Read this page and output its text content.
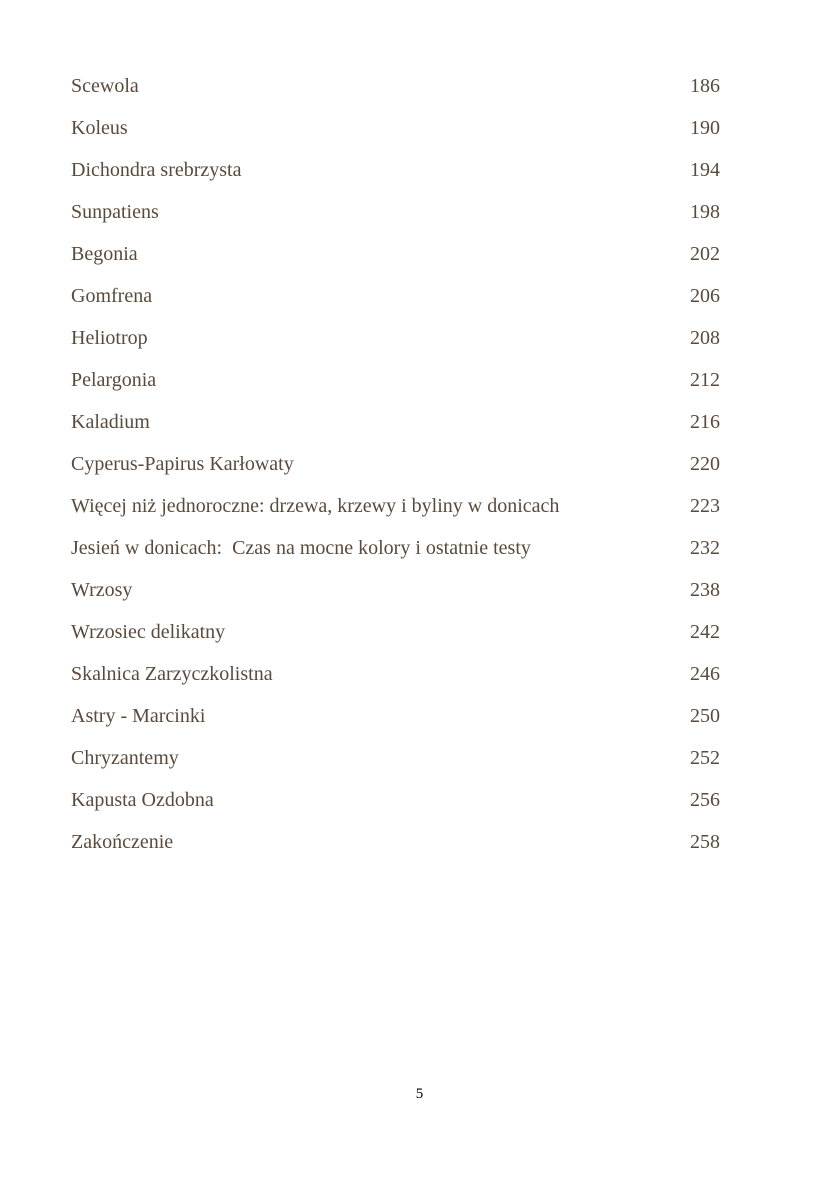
Scewola	186
Koleus	190
Dichondra srebrzysta	194
Sunpatiens	198
Begonia	202
Gomfrena	206
Heliotrop	208
Pelargonia	212
Kaladium	216
Cyperus-Papirus Karłowaty	220
Więcej niż jednoroczne: drzewa, krzewy i byliny w donicach	223
Jesień w donicach:  Czas na mocne kolory i ostatnie testy	232
Wrzosy	238
Wrzosiec delikatny	242
Skalnica Zarzyczkolistna	246
Astry - Marcinki	250
Chryzantemy	252
Kapusta Ozdobna	256
Zakończenie	258
5
